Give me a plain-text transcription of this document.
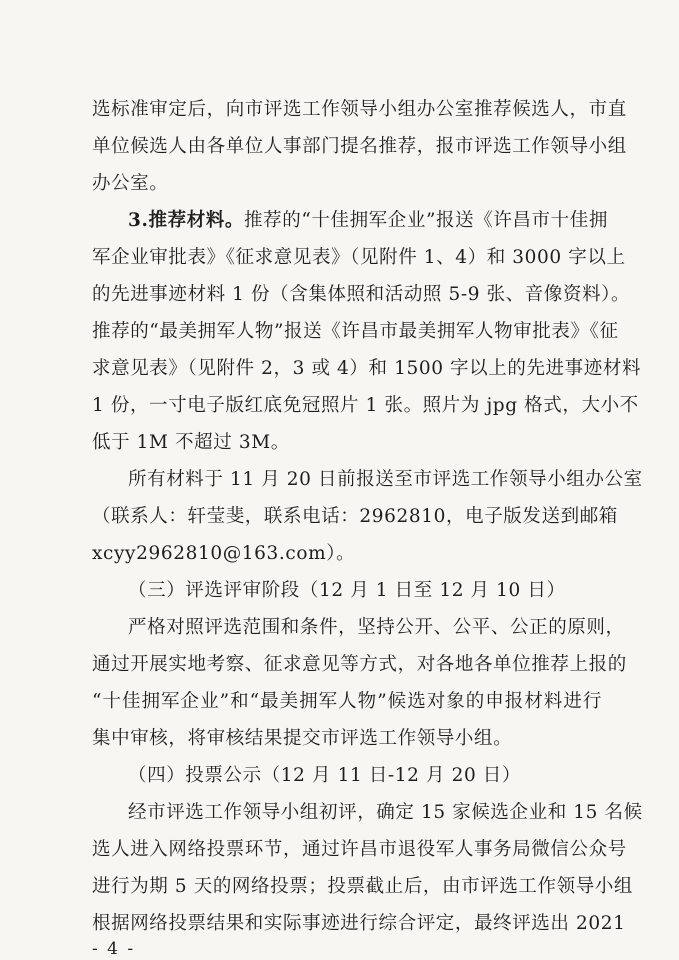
选标准审定后，向市评选工作领导小组办公室推荐候选人，市直
单位候选人由各单位人事部门提名推荐，报市评选工作领导小组
办公室。
3.推荐材料。推荐的“十佳拥军企业”报送《许昌市十佳拥
军企业审批表》《征求意见表》（见附件 1、4）和 3000 字以上
的先进事迹材料 1 份（含集体照和活动照 5-9 张、音像资料）。
推荐的“最美拥军人物”报送《许昌市最美拥军人物审批表》《征
求意见表》（见附件 2，3 或 4）和 1500 字以上的先进事迹材料
1 份，一寸电子版红底免冠照片 1 张。照片为 jpg 格式，大小不
低于 1M 不超过 3M。
所有材料于 11 月 20 日前报送至市评选工作领导小组办公室
（联系人：轩莹斐，联系电话：2962810，电子版发送到邮箱
xcyy2962810@163.com）。
（三）评选评审阶段（12 月 1 日至 12 月 10 日）
严格对照评选范围和条件，坚持公开、公平、公正的原则，
通过开展实地考察、征求意见等方式，对各地各单位推荐上报的
“十佳拥军企业”和“最美拥军人物”候选对象的申报材料进行
集中审核，将审核结果提交市评选工作领导小组。
（四）投票公示（12 月 11 日-12 月 20 日）
经市评选工作领导小组初评，确定 15 家候选企业和 15 名候
选人进入网络投票环节，通过许昌市退役军人事务局微信公众号
进行为期 5 天的网络投票；投票截止后，由市评选工作领导小组
根据网络投票结果和实际事迹进行综合评定，最终评选出 2021
- 4 -
